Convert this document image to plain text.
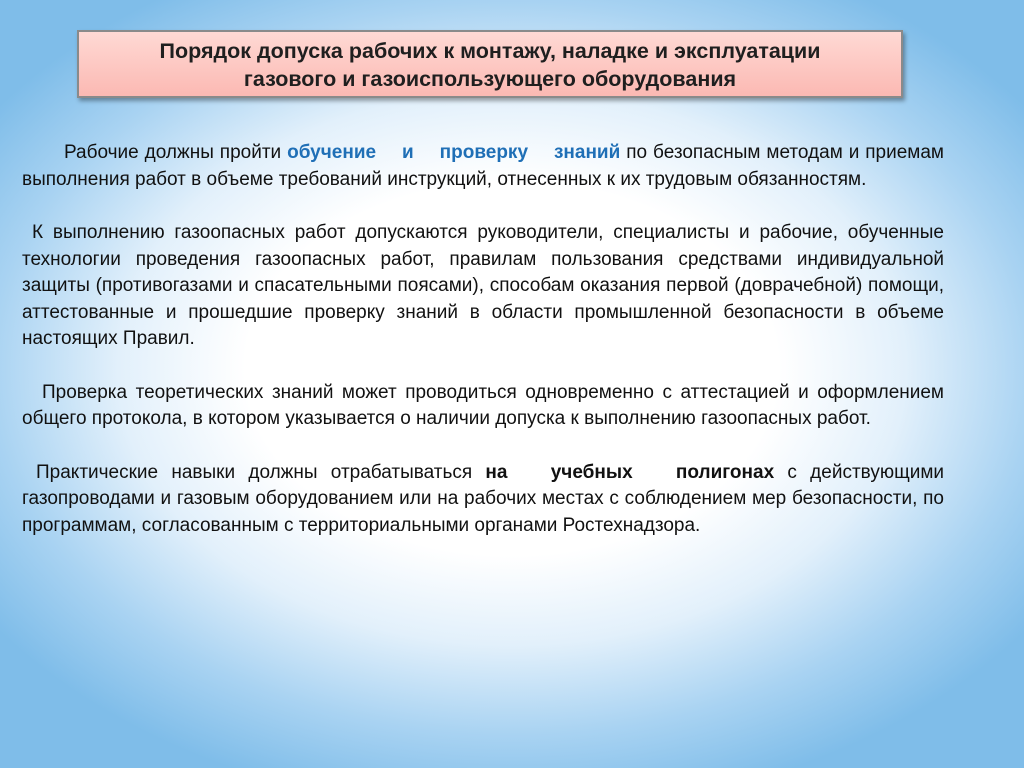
Порядок допуска рабочих к монтажу, наладке и эксплуатации
газового и газоиспользующего оборудования

Рабочие должны пройти обучение и проверку знаний по безопасным методам и приемам выполнения работ в объеме требований инструкций, отнесенных к их трудовым обязанностям.

К выполнению газоопасных работ допускаются руководители, специалисты и рабочие, обученные технологии проведения газоопасных работ, правилам пользования средствами индивидуальной защиты (противогазами и спасательными поясами), способам оказания первой (доврачебной) помощи, аттестованные и прошедшие проверку знаний в области промышленной безопасности в объеме настоящих Правил.

Проверка теоретических знаний может проводиться одновременно с аттестацией и оформлением общего протокола, в котором указывается о наличии допуска к выполнению газоопасных работ.

Практические навыки должны отрабатываться на учебных полигонах с действующими газопроводами и газовым оборудованием или на рабочих местах с соблюдением мер безопасности, по программам, согласованным с территориальными органами Ростехнадзора.
